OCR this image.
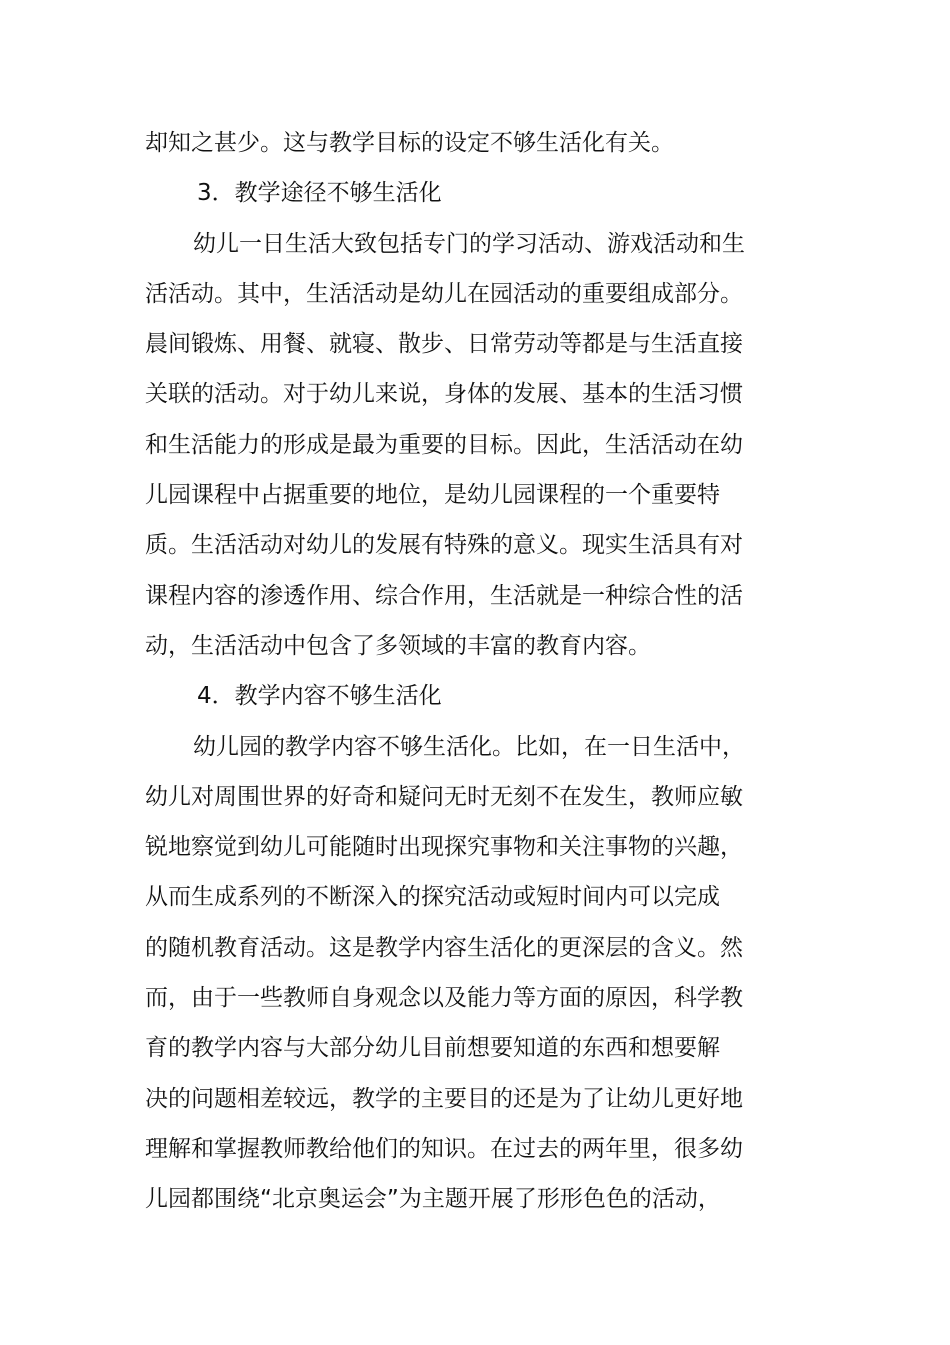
却知之甚少。这与教学目标的设定不够生活化有关。

3．教学途径不够生活化

幼儿一日生活大致包括专门的学习活动、游戏活动和生

活活动。其中，生活活动是幼儿在园活动的重要组成部分。

晨间锻炼、用餐、就寝、散步、日常劳动等都是与生活直接

关联的活动。对于幼儿来说，身体的发展、基本的生活习惯

和生活能力的形成是最为重要的目标。因此，生活活动在幼

儿园课程中占据重要的地位，是幼儿园课程的一个重要特

质。生活活动对幼儿的发展有特殊的意义。现实生活具有对

课程内容的渗透作用、综合作用，生活就是一种综合性的活

动，生活活动中包含了多领域的丰富的教育内容。

4．教学内容不够生活化

幼儿园的教学内容不够生活化。比如，在一日生活中，

幼儿对周围世界的好奇和疑问无时无刻不在发生，教师应敏

锐地察觉到幼儿可能随时出现探究事物和关注事物的兴趣，

从而生成系列的不断深入的探究活动或短时间内可以完成

的随机教育活动。这是教学内容生活化的更深层的含义。然

而，由于一些教师自身观念以及能力等方面的原因，科学教

育的教学内容与大部分幼儿目前想要知道的东西和想要解

决的问题相差较远，教学的主要目的还是为了让幼儿更好地

理解和掌握教师教给他们的知识。在过去的两年里，很多幼

儿园都围绕“北京奥运会”为主题开展了形形色色的活动，
